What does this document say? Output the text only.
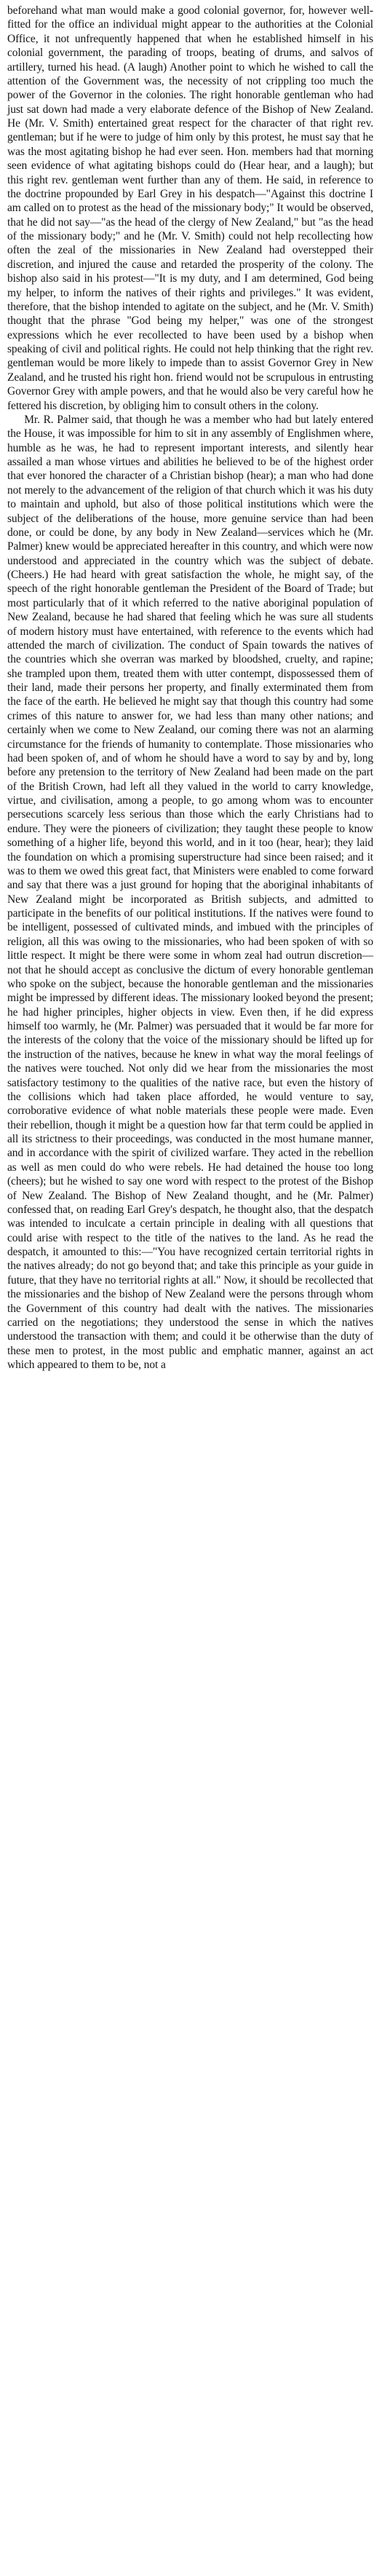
beforehand what man would make a good colonial governor, for, however well-fitted for the office an individual might appear to the authorities at the Colonial Office, it not unfrequently happened that when he established himself in his colonial government, the parading of troops, beating of drums, and salvos of artillery, turned his head. (A laugh) Another point to which he wished to call the attention of the Government was, the necessity of not crippling too much the power of the Governor in the colonies. The right honorable gentleman who had just sat down had made a very elaborate defence of the Bishop of New Zealand. He (Mr. V. Smith) entertained great respect for the character of that right rev. gentleman; but if he were to judge of him only by this protest, he must say that he was the most agitating bishop he had ever seen. Hon. members had that morning seen evidence of what agitating bishops could do (Hear hear, and a laugh); but this right rev. gentleman went further than any of them. He said, in reference to the doctrine propounded by Earl Grey in his despatch—"Against this doctrine I am called on to protest as the head of the missionary body;" It would be observed, that he did not say—"as the head of the clergy of New Zealand," but "as the head of the missionary body;" and he (Mr. V. Smith) could not help recollecting how often the zeal of the missionaries in New Zealand had overstepped their discretion, and injured the cause and retarded the prosperity of the colony. The bishop also said in his protest—"It is my duty, and I am determined, God being my helper, to inform the natives of their rights and privileges." It was evident, therefore, that the bishop intended to agitate on the subject, and he (Mr. V. Smith) thought that the phrase "God being my helper," was one of the strongest expressions which he ever recollected to have been used by a bishop when speaking of civil and political rights. He could not help thinking that the right rev. gentleman would be more likely to impede than to assist Governor Grey in New Zealand, and he trusted his right hon. friend would not be scrupulous in entrusting Governor Grey with ample powers, and that he would also be very careful how he fettered his discretion, by obliging him to consult others in the colony.

Mr. R. Palmer said, that though he was a member who had but lately entered the House, it was impossible for him to sit in any assembly of Englishmen where, humble as he was, he had to represent important interests, and silently hear assailed a man whose virtues and abilities he believed to be of the highest order that ever honored the character of a Christian bishop (hear); a man who had done not merely to the advancement of the religion of that church which it was his duty to maintain and uphold, but also of those political institutions which were the subject of the deliberations of the house, more genuine service than had been done, or could be done, by any body in New Zealand—services which he (Mr. Palmer) knew would be appreciated hereafter in this country, and which were now understood and appreciated in the country which was the subject of debate. (Cheers.) He had heard with great satisfaction the whole, he might say, of the speech of the right honorable gentleman the President of the Board of Trade; but most particularly that of it which referred to the native aboriginal population of New Zealand, because he had shared that feeling which he was sure all students of modern history must have entertained, with reference to the events which had attended the march of civilization. The conduct of Spain towards the natives of the countries which she overran was marked by bloodshed, cruelty, and rapine; she trampled upon them, treated them with utter contempt, dispossessed them of their land, made their persons her property, and finally exterminated them from the face of the earth. He believed he might say that though this country had some crimes of this nature to answer for, we had less than many other nations; and certainly when we come to New Zealand, our coming there was not an alarming circumstance for the friends of humanity to contemplate. Those missionaries who had been spoken of, and of whom he should have a word to say by and by, long before any pretension to the territory of New Zealand had been made on the part of the British Crown, had left all they valued in the world to carry knowledge, virtue, and civilisation, among a people, to go among whom was to encounter persecutions scarcely less serious than those which the early Christians had to endure. They were the pioneers of civilization; they taught these people to know something of a higher life, beyond this world, and in it too (hear, hear); they laid the foundation on which a promising superstructure had since been raised; and it was to them we owed this great fact, that Ministers were enabled to come forward and say that there was a just ground for hoping that the aboriginal inhabitants of New Zealand might be incorporated as British subjects, and admitted to participate in the benefits of our political institutions. If the natives were found to be intelligent, possessed of cultivated minds, and imbued with the principles of religion, all this was owing to the missionaries, who had been spoken of with so little respect. It might be there were some in whom zeal had outrun discretion—not that he should accept as conclusive the dictum of every honorable gentleman who spoke on the subject, because the honorable gentleman and the missionaries might be impressed by different ideas. The missionary looked beyond the present; he had higher principles, higher objects in view. Even then, if he did express himself too warmly, he (Mr. Palmer) was persuaded that it would be far more for the interests of the colony that the voice of the missionary should be lifted up for the instruction of the natives, because he knew in what way the moral feelings of the natives were touched. Not only did we hear from the missionaries the most satisfactory testimony to the qualities of the native race, but even the history of the collisions which had taken place afforded, he would venture to say, corroborative evidence of what noble materials these people were made. Even their rebellion, though it might be a question how far that term could be applied in all its strictness to their proceedings, was conducted in the most humane manner, and in accordance with the spirit of civilized warfare. They acted in the rebellion as well as men could do who were rebels. He had detained the house too long (cheers); but he wished to say one word with respect to the protest of the Bishop of New Zealand. The Bishop of New Zealand thought, and he (Mr. Palmer) confessed that, on reading Earl Grey's despatch, he thought also, that the despatch was intended to inculcate a certain principle in dealing with all questions that could arise with respect to the title of the natives to the land. As he read the despatch, it amounted to this:—"You have recognized certain territorial rights in the natives already; do not go beyond that; and take this principle as your guide in future, that they have no territorial rights at all." Now, it should be recollected that the missionaries and the bishop of New Zealand were the persons through whom the Government of this country had dealt with the natives. The missionaries carried on the negotiations; they understood the sense in which the natives understood the transaction with them; and could it be otherwise than the duty of these men to protest, in the most public and emphatic manner, against an act which appeared to them to be, not a
